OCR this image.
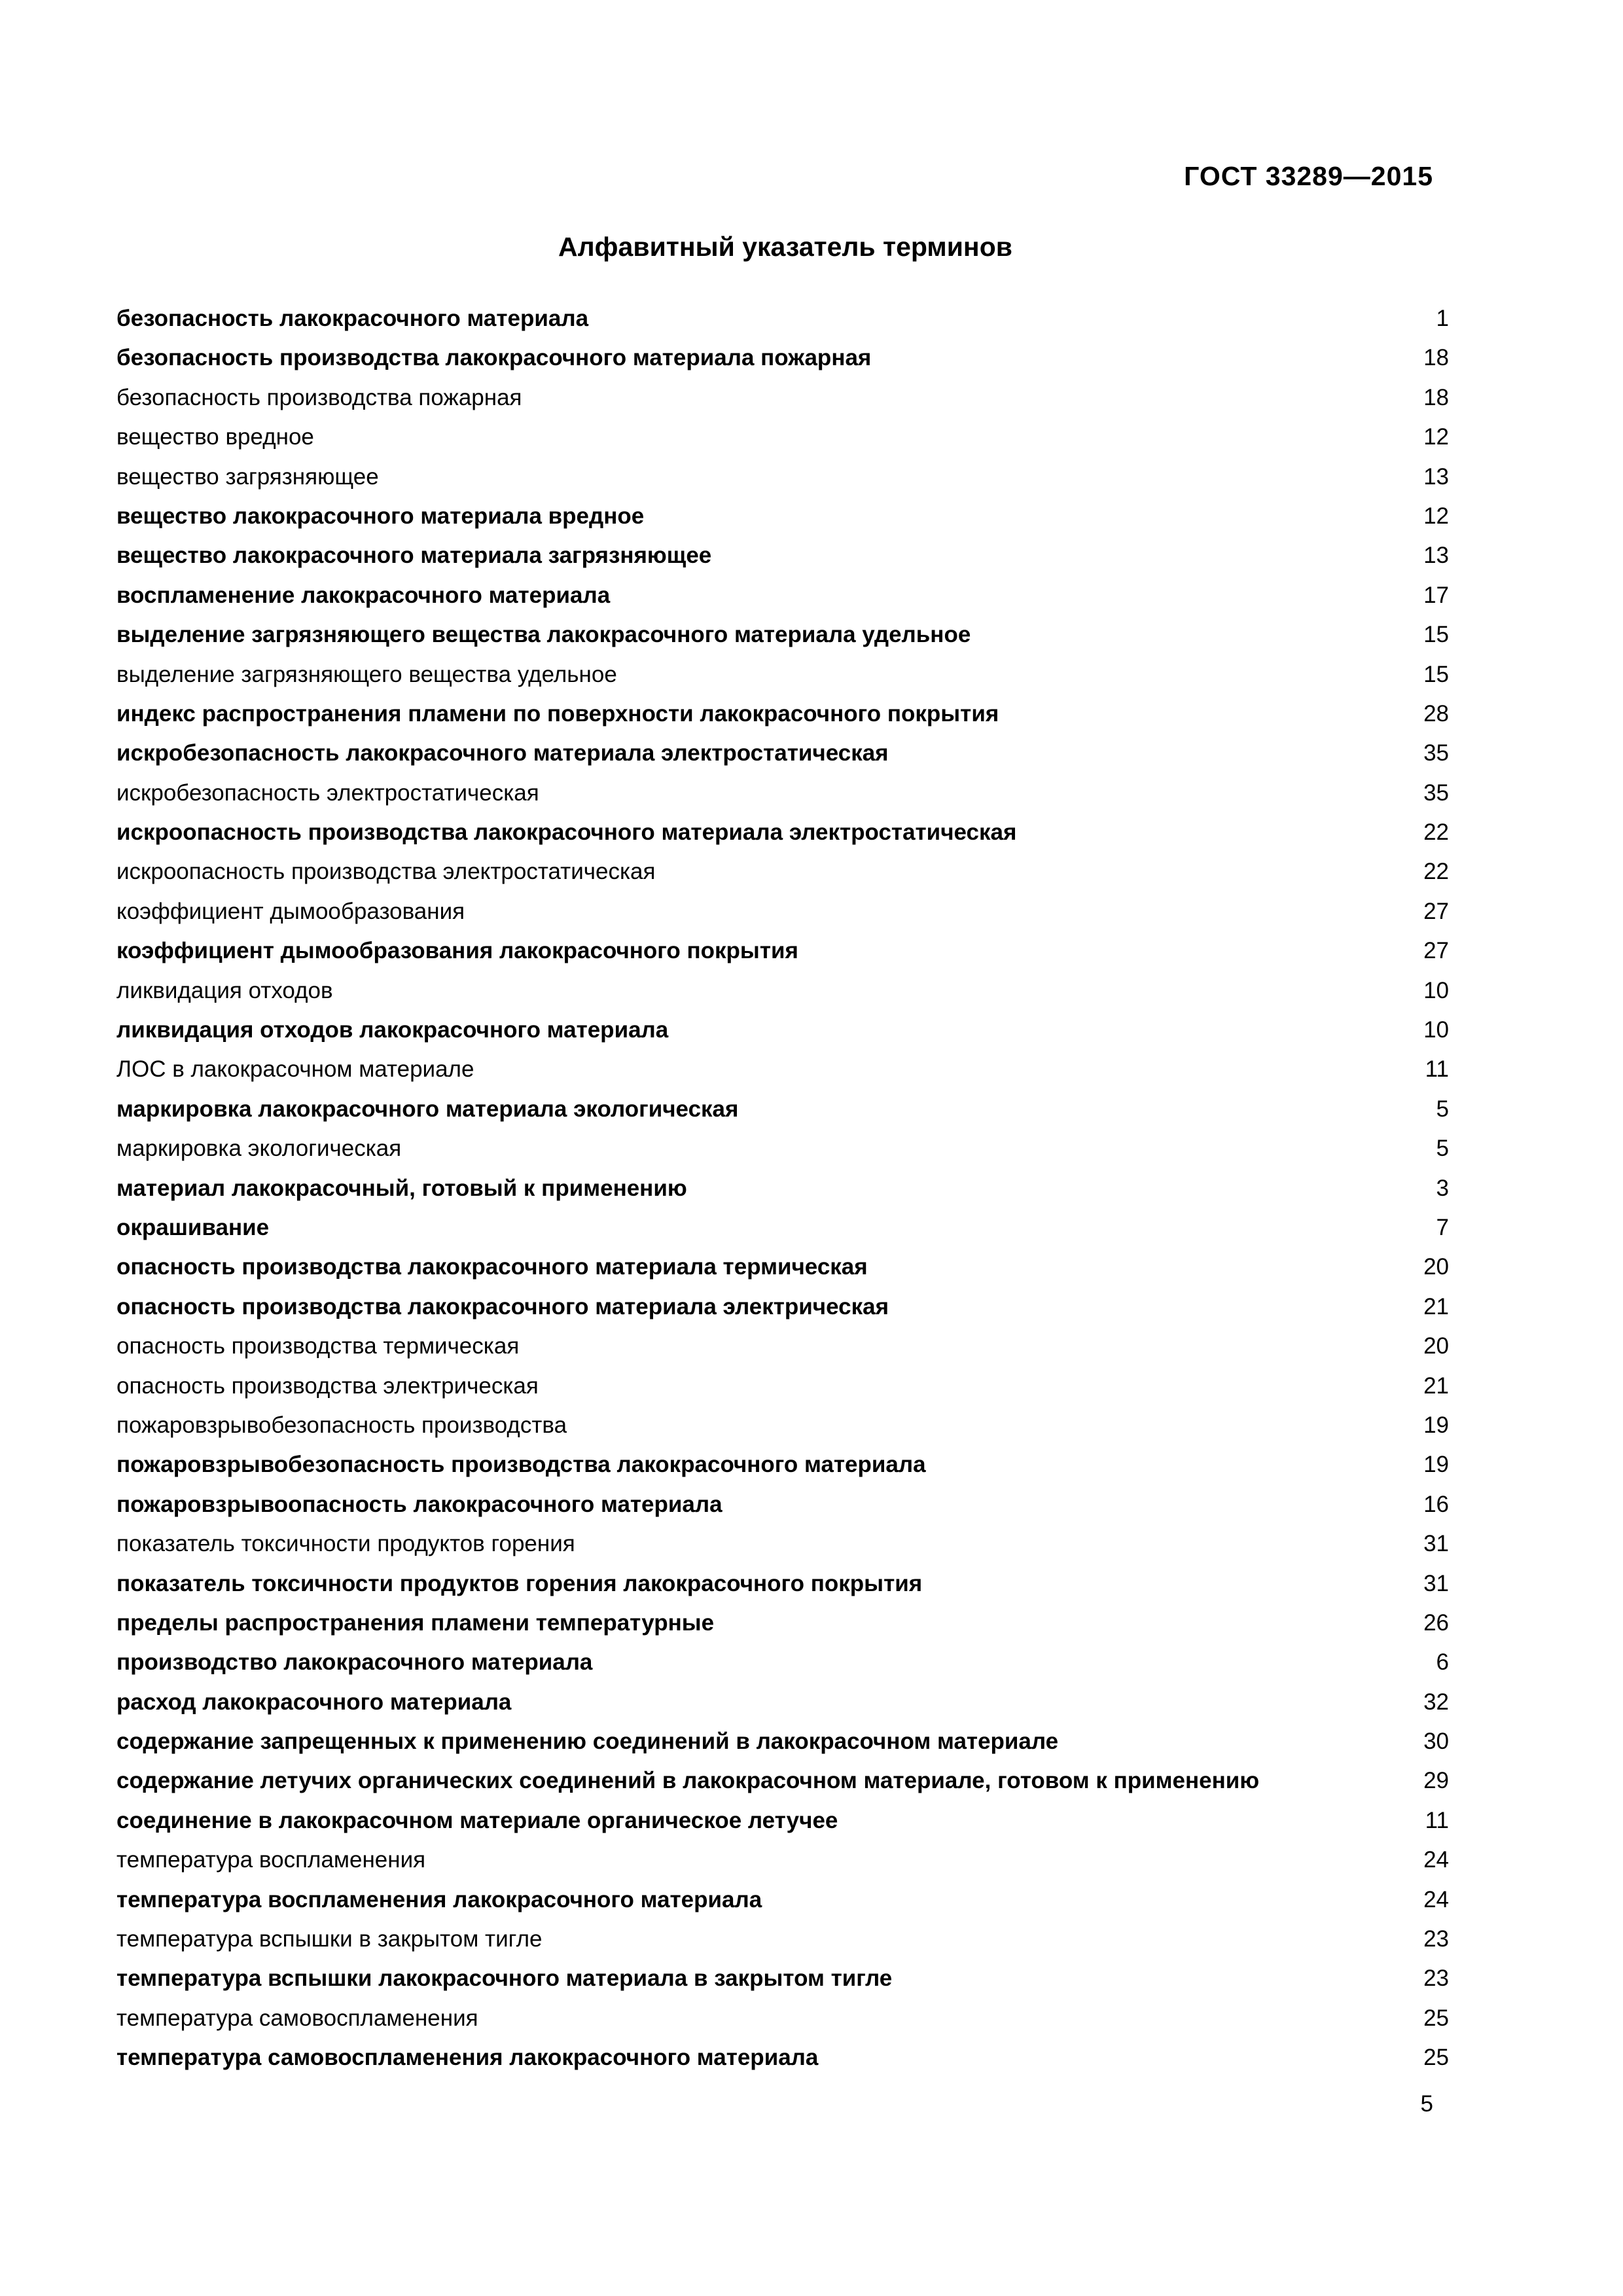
ГОСТ 33289—2015
Алфавитный указатель терминов
безопасность лакокрасочного материала	1
безопасность производства лакокрасочного материала пожарная	18
безопасность производства пожарная	18
вещество вредное	12
вещество загрязняющее	13
вещество лакокрасочного материала вредное	12
вещество лакокрасочного материала загрязняющее	13
воспламенение лакокрасочного материала	17
выделение загрязняющего вещества лакокрасочного материала удельное	15
выделение загрязняющего вещества удельное	15
индекс распространения пламени по поверхности лакокрасочного покрытия	28
искробезопасность лакокрасочного материала электростатическая	35
искробезопасность электростатическая	35
искроопасность производства лакокрасочного материала электростатическая	22
искроопасность производства электростатическая	22
коэффициент дымообразования	27
коэффициент дымообразования лакокрасочного покрытия	27
ликвидация отходов	10
ликвидация отходов лакокрасочного материала	10
ЛОС в лакокрасочном материале	11
маркировка лакокрасочного материала экологическая	5
маркировка экологическая	5
материал лакокрасочный, готовый к применению	3
окрашивание	7
опасность производства лакокрасочного материала термическая	20
опасность производства лакокрасочного материала электрическая	21
опасность производства термическая	20
опасность производства электрическая	21
пожаровзрывобезопасность производства	19
пожаровзрывобезопасность производства лакокрасочного материала	19
пожаровзрывоопасность лакокрасочного материала	16
показатель токсичности продуктов горения	31
показатель токсичности продуктов горения лакокрасочного покрытия	31
пределы распространения пламени температурные	26
производство лакокрасочного материала	6
расход лакокрасочного материала	32
содержание запрещенных к применению соединений в лакокрасочном материале	30
содержание летучих органических соединений в лакокрасочном материале, готовом к применению	29
соединение в лакокрасочном материале органическое летучее	11
температура воспламенения	24
температура воспламенения лакокрасочного материала	24
температура вспышки в закрытом тигле	23
температура вспышки лакокрасочного материала в закрытом тигле	23
температура самовоспламенения	25
температура самовоспламенения лакокрасочного материала	25
5
